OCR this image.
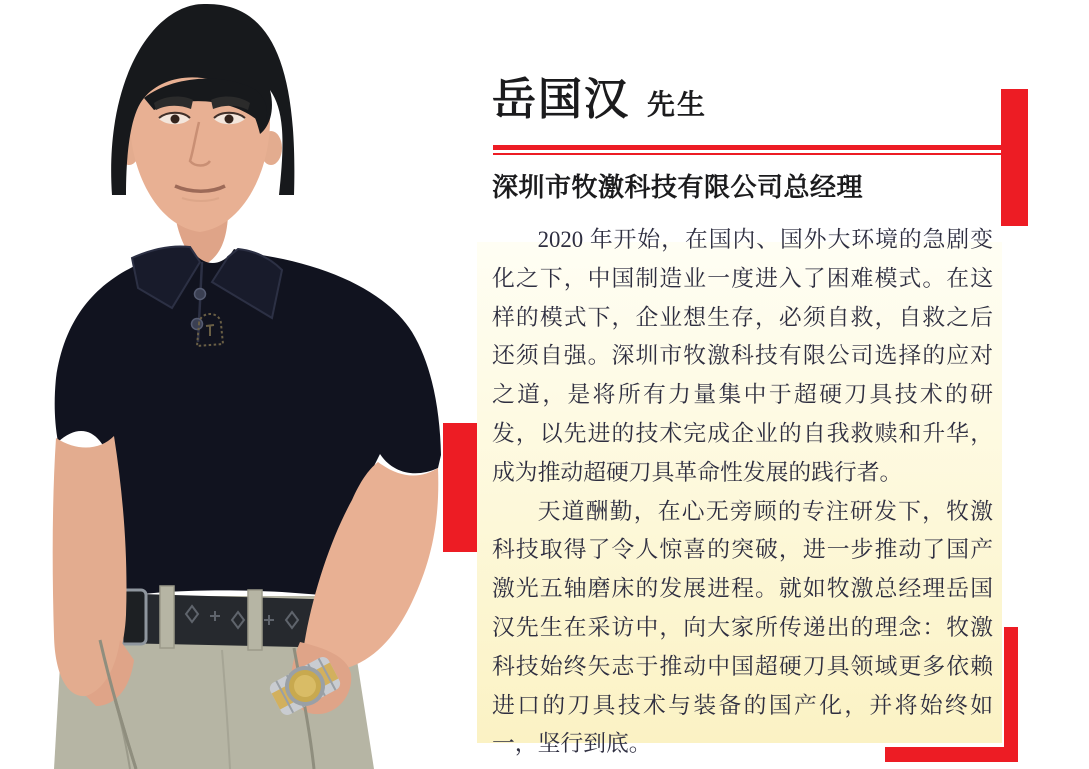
岳国汉 先生
深圳市牧激科技有限公司总经理

2020 年开始，在国内、国外大环境的急剧变化之下，中国制造业一度进入了困难模式。在这样的模式下，企业想生存，必须自救，自救之后还须自强。深圳市牧激科技有限公司选择的应对之道，是将所有力量集中于超硬刀具技术的研发，以先进的技术完成企业的自我救赎和升华，成为推动超硬刀具革命性发展的践行者。

天道酬勤，在心无旁顾的专注研发下，牧激科技取得了令人惊喜的突破，进一步推动了国产激光五轴磨床的发展进程。就如牧激总经理岳国汉先生在采访中，向大家所传递出的理念：牧激科技始终矢志于推动中国超硬刀具领域更多依赖进口的刀具技术与装备的国产化，并将始终如一，坚行到底。
